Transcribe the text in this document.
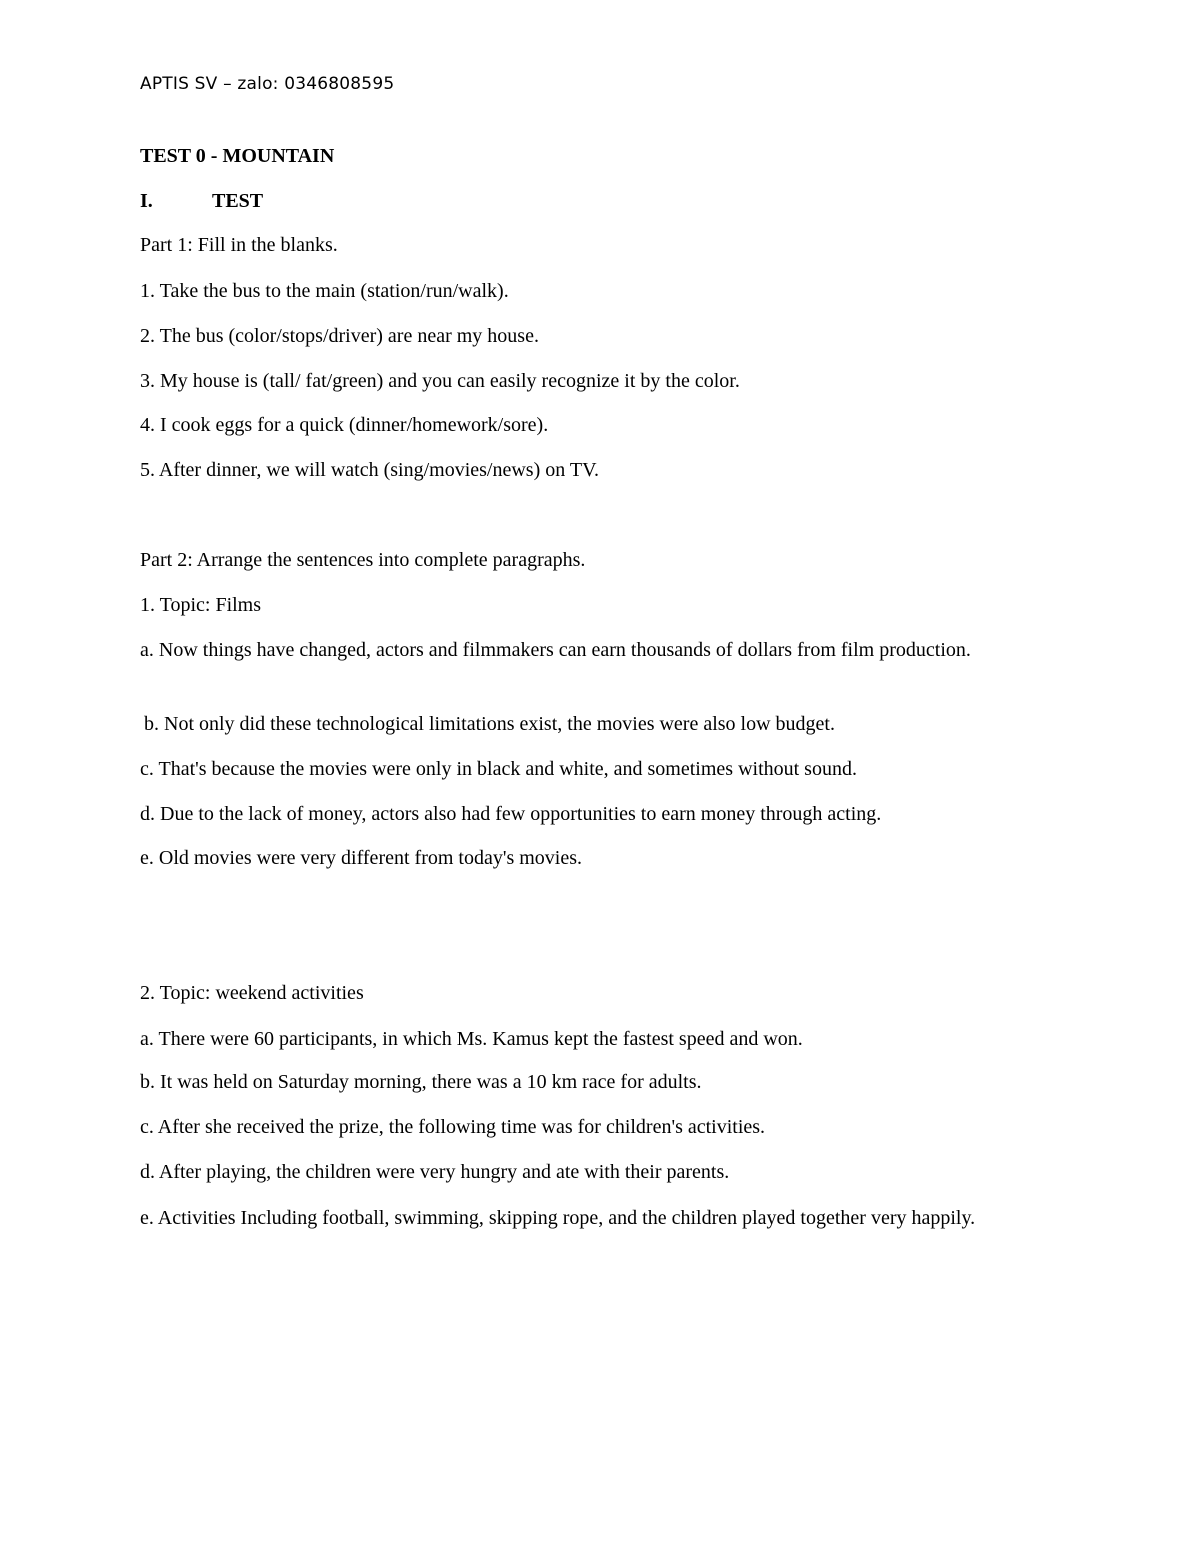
APTIS SV – zalo: 0346808595
TEST 0 - MOUNTAIN
I.	TEST
Part 1: Fill in the blanks.
1. Take the bus to the main (station/run/walk).
2. The bus (color/stops/driver) are near my house.
3. My house is (tall/ fat/green) and you can easily recognize it by the color.
4. I cook eggs for a quick (dinner/homework/sore).
5. After dinner, we will watch (sing/movies/news) on TV.
Part 2: Arrange the sentences into complete paragraphs.
1. Topic: Films
a. Now things have changed, actors and filmmakers can earn thousands of dollars from film production.
b. Not only did these technological limitations exist, the movies were also low budget.
c. That's because the movies were only in black and white, and sometimes without sound.
d. Due to the lack of money, actors also had few opportunities to earn money through acting.
e. Old movies were very different from today's movies.
2. Topic: weekend activities
a. There were 60 participants, in which Ms. Kamus kept the fastest speed and won.
b. It was held on Saturday morning, there was a 10 km race for adults.
c. After she received the prize, the following time was for children's activities.
d. After playing, the children were very hungry and ate with their parents.
e. Activities Including football, swimming, skipping rope, and the children played together very happily.
